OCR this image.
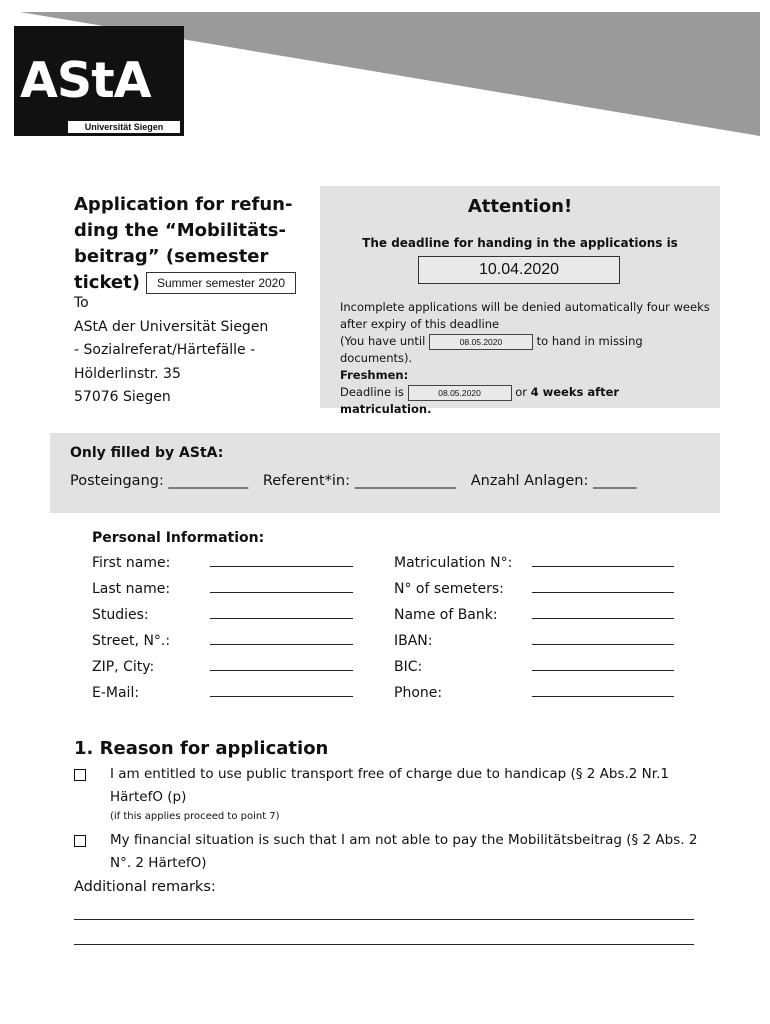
AStA
Universität Siegen
Application for refun-
ding the “Mobilitäts-
beitrag” (semester
ticket)	Summer semester 2020
To
AStA der Universität Siegen
- Sozialreferat/Härtefälle -
Hölderlinstr. 35
57076 Siegen
Attention!
The deadline for handing in the applications is
10.04.2020
Incomplete applications will be denied automatically four weeks after expiry of this deadline
(You have until	08.05.2020	to hand in missing documents).
Freshmen:
Deadline is	08.05.2020	or 4 weeks after matriculation.
Only filled by AStA:
Posteingang: ___________ Referent*in: ______________ Anzahl Anlagen: ______
Personal Information:
First name:	Matriculation N°:
Last name:	N° of semeters:
Studies:	Name of Bank:
Street, N°.:	IBAN:
ZIP, City:	BIC:
E-Mail:	Phone:
1. Reason for application
I am entitled to use public transport free of charge due to handicap (§ 2 Abs.2 Nr.1 HärtefO (p)
(if this applies proceed to point 7)
My financial situation is such that I am not able to pay the Mobilitätsbeitrag (§ 2 Abs. 2 N°. 2 HärtefO)
Additional remarks:
